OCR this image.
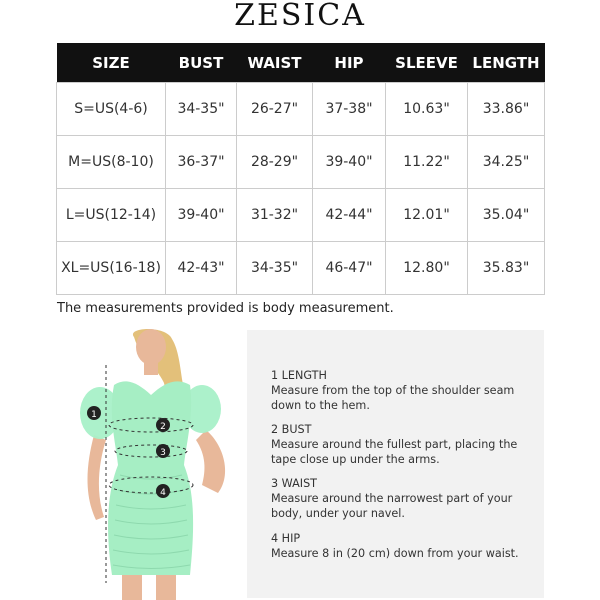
ZESICA
SIZE	BUST	WAIST	HIP	SLEEVE	LENGTH
S=US(4-6)	34-35"	26-27"	37-38"	10.63"	33.86"
M=US(8-10)	36-37"	28-29"	39-40"	11.22"	34.25"
L=US(12-14)	39-40"	31-32"	42-44"	12.01"	35.04"
XL=US(16-18)	42-43"	34-35"	46-47"	12.80"	35.83"
The measurements provided is body measurement.
1
2
3
4
1 LENGTH
Measure from the top of the shoulder seam down to the hem.
2 BUST
Measure around the fullest part, placing the tape close up under the arms.
3 WAIST
Measure around the narrowest part of your body, under your navel.
4 HIP
Measure 8 in (20 cm) down from your waist.
